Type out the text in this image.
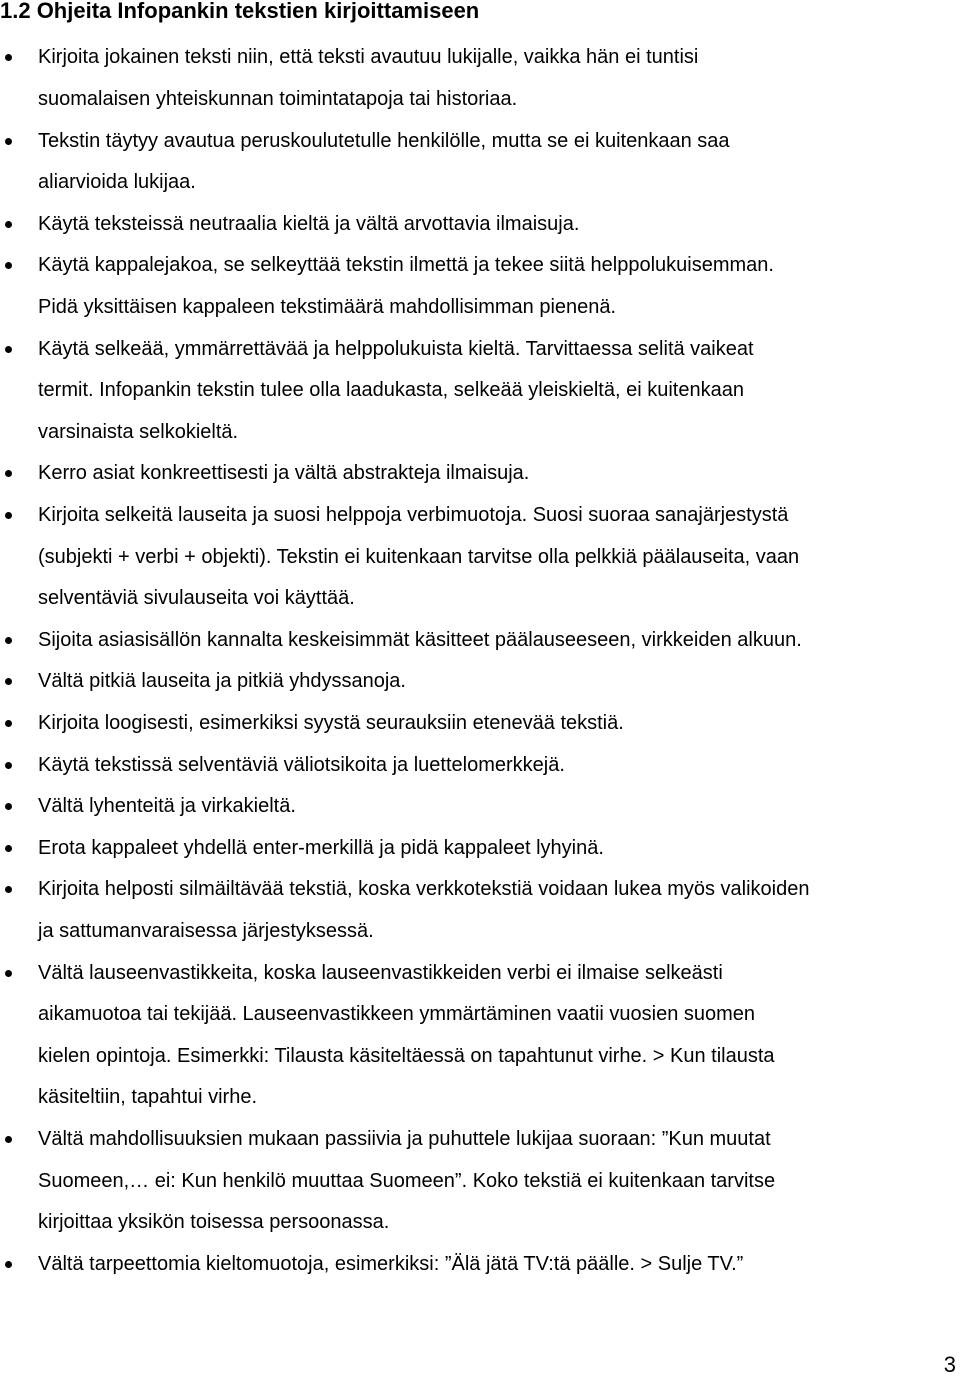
1.2 Ohjeita Infopankin tekstien kirjoittamiseen

Kirjoita jokainen teksti niin, että teksti avautuu lukijalle, vaikka hän ei tuntisi
suomalaisen yhteiskunnan toimintatapoja tai historiaa.

Tekstin täytyy avautua peruskoulutetulle henkilölle, mutta se ei kuitenkaan saa
aliarvioida lukijaa.

Käytä teksteissä neutraalia kieltä ja vältä arvottavia ilmaisuja.

Käytä kappalejakoa, se selkeyttää tekstin ilmettä ja tekee siitä helppolukuisemman.
Pidä yksittäisen kappaleen tekstimäärä mahdollisimman pienenä.

Käytä selkeää, ymmärrettävää ja helppolukuista kieltä. Tarvittaessa selitä vaikeat
termit. Infopankin tekstin tulee olla laadukasta, selkeää yleiskieltä, ei kuitenkaan
varsinaista selkokieltä.

Kerro asiat konkreettisesti ja vältä abstrakteja ilmaisuja.

Kirjoita selkeitä lauseita ja suosi helppoja verbimuotoja. Suosi suoraa sanajärjestystä
(subjekti + verbi + objekti). Tekstin ei kuitenkaan tarvitse olla pelkkiä päälauseita, vaan
selventäviä sivulauseita voi käyttää.

Sijoita asiasisällön kannalta keskeisimmät käsitteet päälauseeseen, virkkeiden alkuun.

Vältä pitkiä lauseita ja pitkiä yhdyssanoja.

Kirjoita loogisesti, esimerkiksi syystä seurauksiin etenevää tekstiä.

Käytä tekstissä selventäviä väliotsikoita ja luettelomerkkejä.

Vältä lyhenteitä ja virkakieltä.

Erota kappaleet yhdellä enter-merkillä ja pidä kappaleet lyhyinä.

Kirjoita helposti silmäiltävää tekstiä, koska verkkotekstiä voidaan lukea myös valikoiden
ja sattumanvaraisessa järjestyksessä.

Vältä lauseenvastikkeita, koska lauseenvastikkeiden verbi ei ilmaise selkeästi
aikamuotoa tai tekijää. Lauseenvastikkeen ymmärtäminen vaatii vuosien suomen
kielen opintoja. Esimerkki: Tilausta käsiteltäessä on tapahtunut virhe. > Kun tilausta
käsiteltiin, tapahtui virhe.

Vältä mahdollisuuksien mukaan passiivia ja puhuttele lukijaa suoraan: ”Kun muutat
Suomeen,… ei: Kun henkilö muuttaa Suomeen”. Koko tekstiä ei kuitenkaan tarvitse
kirjoittaa yksikön toisessa persoonassa.

Vältä tarpeettomia kieltomuotoja, esimerkiksi: ”Älä jätä TV:tä päälle. > Sulje TV.”

3
